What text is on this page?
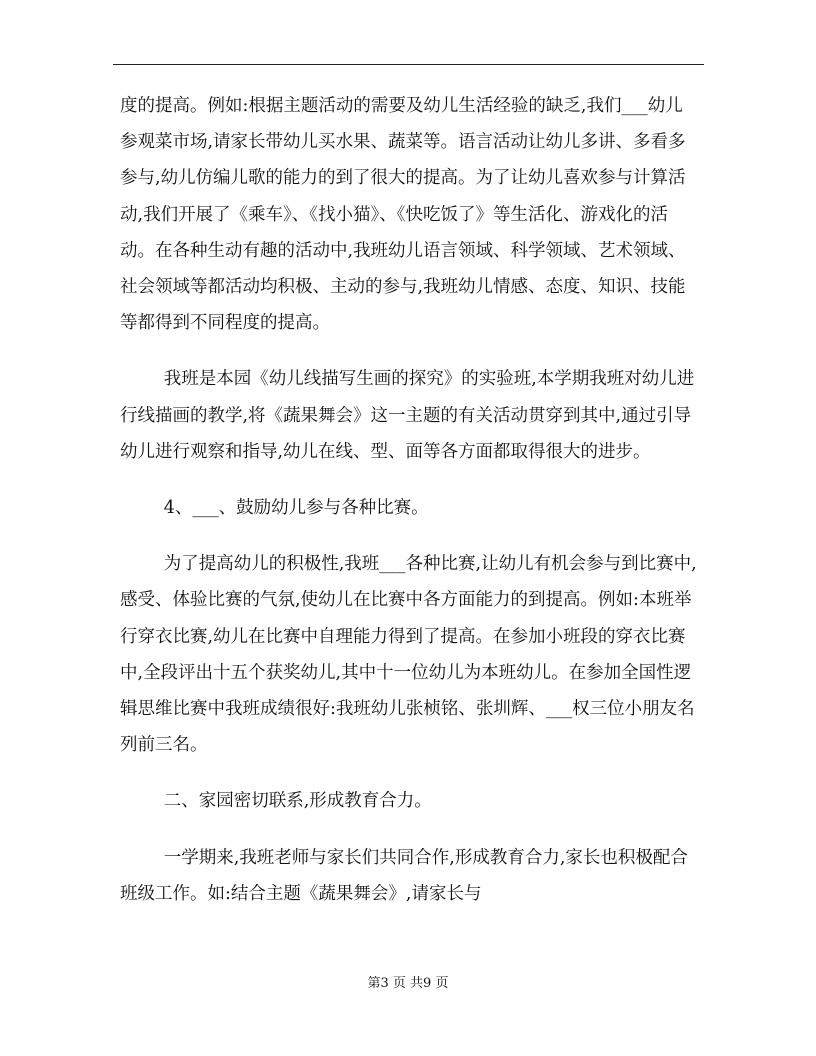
度的提高。例如:根据主题活动的需要及幼儿生活经验的缺乏,我们___幼儿参观菜市场,请家长带幼儿买水果、蔬菜等。语言活动让幼儿多讲、多看多参与,幼儿仿编儿歌的能力的到了很大的提高。为了让幼儿喜欢参与计算活动,我们开展了《乘车》、《找小猫》、《快吃饭了》等生活化、游戏化的活动。在各种生动有趣的活动中,我班幼儿语言领域、科学领域、艺术领域、社会领域等都活动均积极、主动的参与,我班幼儿情感、态度、知识、技能等都得到不同程度的提高。

我班是本园《幼儿线描写生画的探究》的实验班,本学期我班对幼儿进行线描画的教学,将《蔬果舞会》这一主题的有关活动贯穿到其中,通过引导幼儿进行观察和指导,幼儿在线、型、面等各方面都取得很大的进步。

4、___、鼓励幼儿参与各种比赛。

为了提高幼儿的积极性,我班___各种比赛,让幼儿有机会参与到比赛中,感受、体验比赛的气氛,使幼儿在比赛中各方面能力的到提高。例如:本班举行穿衣比赛,幼儿在比赛中自理能力得到了提高。在参加小班段的穿衣比赛中,全段评出十五个获奖幼儿,其中十一位幼儿为本班幼儿。在参加全国性逻辑思维比赛中我班成绩很好:我班幼儿张桢铭、张圳辉、___权三位小朋友名列前三名。

二、家园密切联系,形成教育合力。

一学期来,我班老师与家长们共同合作,形成教育合力,家长也积极配合班级工作。如:结合主题《蔬果舞会》,请家长与

第3 页 共9 页
